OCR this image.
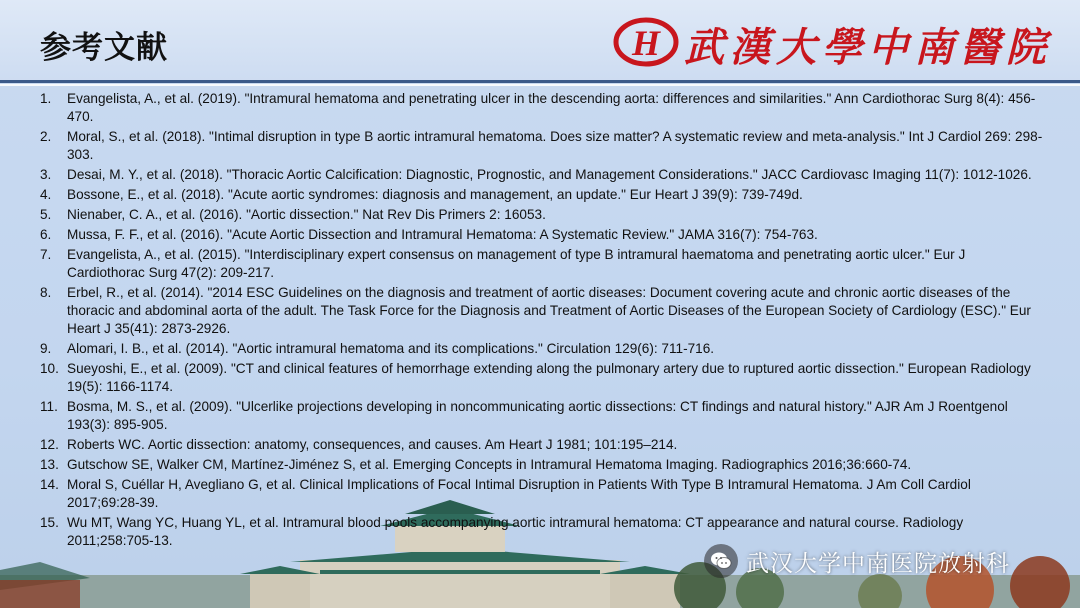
参考文献	H 武漢大學中南醫院
1. Evangelista, A., et al. (2019). "Intramural hematoma and penetrating ulcer in the descending aorta: differences and similarities." Ann Cardiothorac Surg 8(4): 456-470.
2. Moral, S., et al. (2018). "Intimal disruption in type B aortic intramural hematoma. Does size matter? A systematic review and meta-analysis." Int J Cardiol 269: 298-303.
3. Desai, M. Y., et al. (2018). "Thoracic Aortic Calcification: Diagnostic, Prognostic, and Management Considerations." JACC Cardiovasc Imaging 11(7): 1012-1026.
4. Bossone, E., et al. (2018). "Acute aortic syndromes: diagnosis and management, an update." Eur Heart J 39(9): 739-749d.
5. Nienaber, C. A., et al. (2016). "Aortic dissection." Nat Rev Dis Primers 2: 16053.
6. Mussa, F. F., et al. (2016). "Acute Aortic Dissection and Intramural Hematoma: A Systematic Review." JAMA 316(7): 754-763.
7. Evangelista, A., et al. (2015). "Interdisciplinary expert consensus on management of type B intramural haematoma and penetrating aortic ulcer." Eur J Cardiothorac Surg 47(2): 209-217.
8. Erbel, R., et al. (2014). "2014 ESC Guidelines on the diagnosis and treatment of aortic diseases: Document covering acute and chronic aortic diseases of the thoracic and abdominal aorta of the adult. The Task Force for the Diagnosis and Treatment of Aortic Diseases of the European Society of Cardiology (ESC)." Eur Heart J 35(41): 2873-2926.
9. Alomari, I. B., et al. (2014). "Aortic intramural hematoma and its complications." Circulation 129(6): 711-716.
10. Sueyoshi, E., et al. (2009). "CT and clinical features of hemorrhage extending along the pulmonary artery due to ruptured aortic dissection." European Radiology 19(5): 1166-1174.
11. Bosma, M. S., et al. (2009). "Ulcerlike projections developing in noncommunicating aortic dissections: CT findings and natural history." AJR Am J Roentgenol 193(3): 895-905.
12. Roberts WC. Aortic dissection: anatomy, consequences, and causes. Am Heart J 1981; 101:195–214.
13. Gutschow SE, Walker CM, Martínez-Jiménez S, et al. Emerging Concepts in Intramural Hematoma Imaging. Radiographics 2016;36:660-74.
14. Moral S, Cuéllar H, Avegliano G, et al. Clinical Implications of Focal Intimal Disruption in Patients With Type B Intramural Hematoma. J Am Coll Cardiol 2017;69:28-39.
15. Wu MT, Wang YC, Huang YL, et al. Intramural blood pools accompanying aortic intramural hematoma: CT appearance and natural course. Radiology 2011;258:705-13.
武汉大学中南医院放射科
